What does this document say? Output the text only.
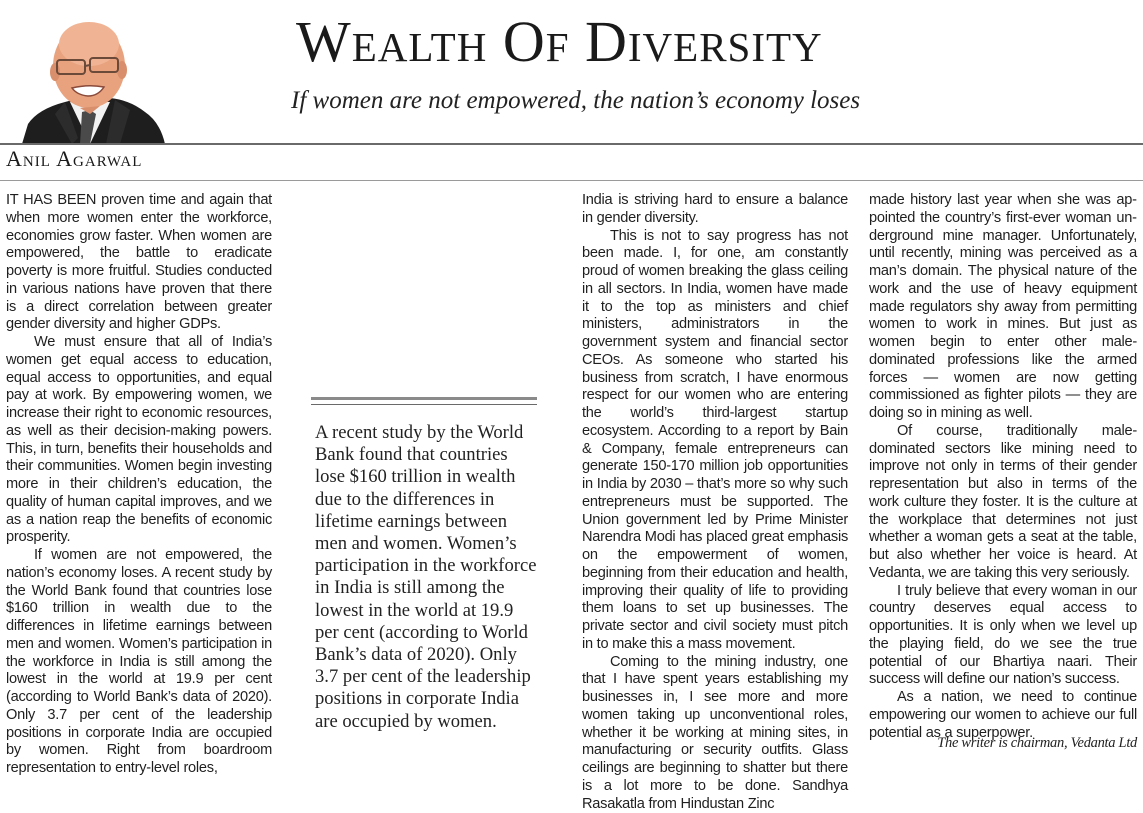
Wealth Of Diversity
If women are not empowered, the nation’s economy loses
Anil Agarwal

IT HAS BEEN proven time and again that when more women enter the workforce, economies grow faster. When women are empowered, the battle to eradicate poverty is more fruitful. Studies conducted in various nations have proven that there is a direct correlation between greater gender diversity and higher GDPs.

We must ensure that all of India’s women get equal access to education, equal access to opportunities, and equal pay at work. By empowering women, we increase their right to economic resources, as well as their decision-making powers. This, in turn, benefits their households and their communities. Women begin investing more in their children’s education, the quality of human capital improves, and we as a nation reap the benefits of economic prosperity.

If women are not empowered, the nation’s economy loses. A recent study by the World Bank found that countries lose $160 trillion in wealth due to the differences in lifetime earnings between men and women. Women’s participation in the workforce in India is still among the lowest in the world at 19.9 per cent (according to World Bank’s data of 2020). Only 3.7 per cent of the leadership positions in corporate India are occupied by women. Right from boardroom representation to entry-level roles,

A recent study by the World Bank found that countries lose $160 trillion in wealth due to the differences in lifetime earnings between men and women. Women’s participation in the workforce in India is still among the lowest in the world at 19.9 per cent (according to World Bank’s data of 2020). Only 3.7 per cent of the leadership positions in corporate India are occupied by women.

India is striving hard to ensure a balance in gender diversity.

This is not to say progress has not been made. I, for one, am constantly proud of women breaking the glass ceiling in all sectors. In India, women have made it to the top as ministers and chief ministers, administrators in the government system and financial sector CEOs. As someone who started his business from scratch, I have enormous respect for our women who are entering the world’s third-largest startup ecosystem. According to a report by Bain & Company, female entrepreneurs can generate 150-170 million job opportunities in India by 2030 – that’s more so why such entrepreneurs must be supported. The Union government led by Prime Minister Narendra Modi has placed great emphasis on the empowerment of women, beginning from their education and health, improving their quality of life to providing them loans to set up businesses. The private sector and civil society must pitch in to make this a mass movement.

Coming to the mining industry, one that I have spent years establishing my businesses in, I see more and more women taking up unconventional roles, whether it be working at mining sites, in manufacturing or security outfits. Glass ceilings are beginning to shatter but there is a lot more to be done. Sandhya Rasakatla from Hindustan Zinc

made history last year when she was appointed the country’s first-ever woman underground mine manager. Unfortunately, until recently, mining was perceived as a man’s domain. The physical nature of the work and the use of heavy equipment made regulators shy away from permitting women to work in mines. But just as women begin to enter other male-dominated professions like the armed forces — women are now getting commissioned as fighter pilots — they are doing so in mining as well.

Of course, traditionally male-dominated sectors like mining need to improve not only in terms of their gender representation but also in terms of the work culture they foster. It is the culture at the workplace that determines not just whether a woman gets a seat at the table, but also whether her voice is heard. At Vedanta, we are taking this very seriously.

I truly believe that every woman in our country deserves equal access to opportunities. It is only when we level up the playing field, do we see the true potential of our Bhartiya naari. Their success will define our nation’s success.

As a nation, we need to continue empowering our women to achieve our full potential as a superpower.

The writer is chairman, Vedanta Ltd
